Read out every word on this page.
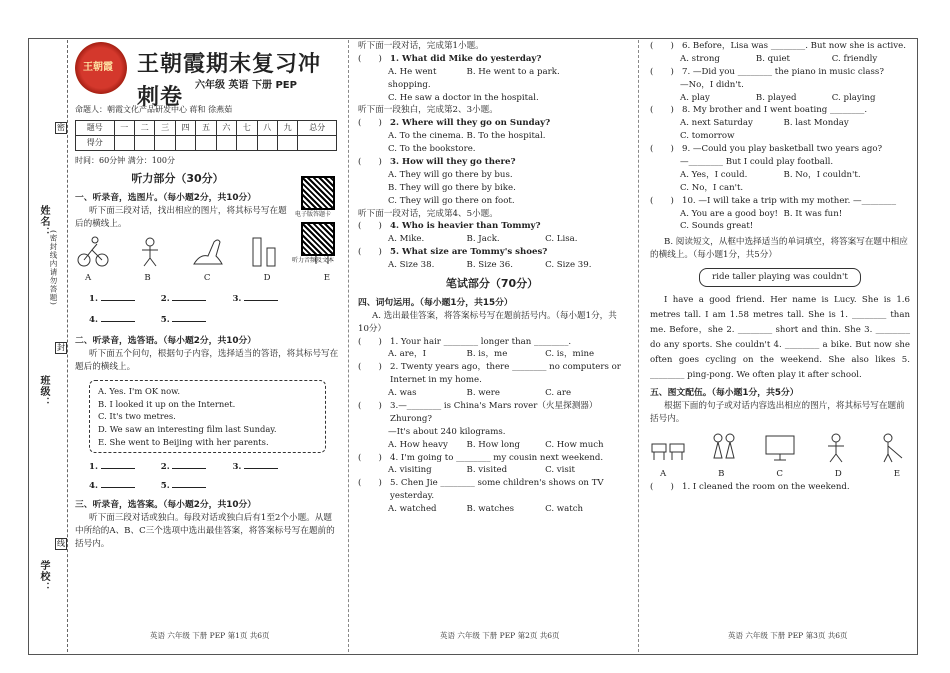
姓名：
(密封线内请勿答题)
班级：
学校：
密
封
线
王朝霞 王朝霞期末复习冲刺卷	六年级 英语 下册 PEP
命题人：朝霞文化产品研发中心 蒋和 徐燕茹
题号	一	二	三	四	五	六	七	八	九	总分
得分										
时间：60分钟 满分：100分
电子版答题卡
听力音频及文本
听力部分（30分）
一、听录音，选图片。（每小题2分，共10分）
听下面三段对话，找出相应的图片，将其标号写在题后的横线上。
A	B	C	D	E
1.	2.	3.
4.	5.
二、听录音，选答语。（每小题2分，共10分）
听下面五个问句，根据句子内容，选择适当的答语，将其标号写在题后的横线上。
A. Yes. I'm OK now.
B. I looked it up on the Internet.
C. It's two metres.
D. We saw an interesting film last Sunday.
E. She went to Beijing with her parents.
1.	2.	3.
4.	5.
三、听录音，选答案。（每小题2分，共10分）
听下面三段对话或独白。每段对话或独白后有1至2个小题。从题中所给的A、B、C三个选项中选出最佳答案，将答案标号写在题前的括号内。
英语 六年级 下册 PEP 第1页 共6页
听下面一段对话，完成第1小题。
(　　) 1. What did Mike do yesterday?
A. He went shopping.
B. He went to a park.
C. He saw a doctor in the hospital.
听下面一段独白，完成第2、3小题。
(　　) 2. Where will they go on Sunday?
A. To the cinema. B. To the hospital.
C. To the bookstore.
(　　) 3. How will they go there?
A. They will go there by bus.
B. They will go there by bike.
C. They will go there on foot.
听下面一段对话，完成第4、5小题。
(　　) 4. Who is heavier than Tommy?
A. Mike.	B. Jack.	C. Lisa.
(　　) 5. What size are Tommy's shoes?
A. Size 38.	B. Size 36.	C. Size 39.
笔试部分（70分）
四、词句运用。（每小题1分，共15分）
A. 选出最佳答案，将答案标号写在题前括号内。（每小题1分，共10分）
(　　) 1. Your hair ________ longer than ________.
A. are，I	B. is，me	C. is，mine
(　　) 2. Twenty years ago，there ________ no computers or Internet in my home.
A. was	B. were	C. are
(　　) 3.—________ is China's Mars rover（火星探测器）Zhurong?
—It's about 240 kilograms.
A. How heavy	B. How long	C. How much
(　　) 4. I'm going to ________ my cousin next weekend.
A. visiting	B. visited	C. visit
(　　) 5. Chen Jie ________ some children's shows on TV yesterday.
A. watched	B. watches	C. watch
英语 六年级 下册 PEP 第2页 共6页
(　　) 6. Before，Lisa was ________. But now she is active.
A. strong	B. quiet	C. friendly
(　　) 7. —Did you ________ the piano in music class?
—No，I didn't.
A. play	B. played	C. playing
(　　) 8. My brother and I went boating ________.
A. next Saturday	B. last Monday
C. tomorrow
(　　) 9. —Could you play basketball two years ago?
—________ But I could play football.
A. Yes，I could.	B. No，I couldn't.
C. No，I can't.
(　　) 10. —I will take a trip with my mother. —________
A. You are a good boy! B. It was fun!
C. Sounds great!
B. 阅读短文，从框中选择适当的单词填空，将答案写在题中相应的横线上。（每小题1分，共5分）
ride taller playing was couldn't
I have a good friend. Her name is Lucy. She is 1.6 metres tall. I am 1.58 metres tall. She is 1. ________ than me. Before，she 2. ________ short and thin. She 3. ________ do any sports. She couldn't 4. ________ a bike. But now she often goes cycling on the weekend. She also likes 5. ________ ping-pong. We often play it after school.
五、图文配伍。（每小题1分，共5分）
根据下面的句子或对话内容选出相应的图片，将其标号写在题前括号内。
A	B	C	D	E
(　　) 1. I cleaned the room on the weekend.
英语 六年级 下册 PEP 第3页 共6页
